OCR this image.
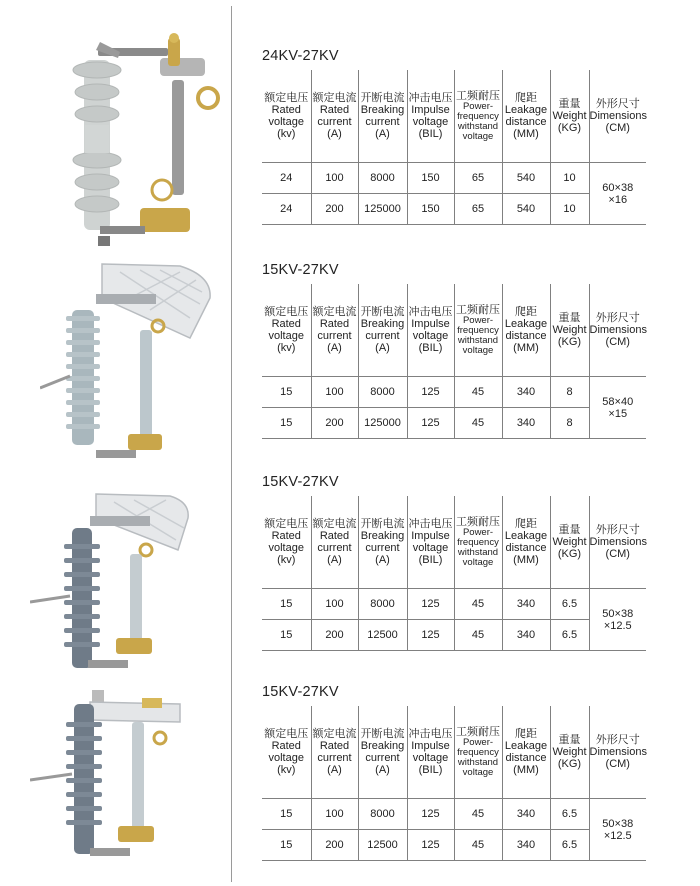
24KV-27KV
额定电压
Rated
voltage
(kv)	额定电流
Rated
current
(A)	开断电流
Breaking
current
(A)	冲击电压
Impulse
voltage
(BIL)	工频耐压
Power-
frequency
withstand
voltage	爬距
Leakage
distance
(MM)	重量
Weight
(KG)	外形尺寸
Dimensions
(CM)

24	100	8000	150	65	540	10	60×38
×16

24	200	125000	150	65	540	10	
15KV-27KV
额定电压
Rated
voltage
(kv)	额定电流
Rated
current
(A)	开断电流
Breaking
current
(A)	冲击电压
Impulse
voltage
(BIL)	工频耐压
Power-
frequency
withstand
voltage	爬距
Leakage
distance
(MM)	重量
Weight
(KG)	外形尺寸
Dimensions
(CM)

15	100	8000	125	45	340	8	58×40
×15

15	200	125000	125	45	340	8	
15KV-27KV
额定电压
Rated
voltage
(kv)	额定电流
Rated
current
(A)	开断电流
Breaking
current
(A)	冲击电压
Impulse
voltage
(BIL)	工频耐压
Power-
frequency
withstand
voltage	爬距
Leakage
distance
(MM)	重量
Weight
(KG)	外形尺寸
Dimensions
(CM)

15	100	8000	125	45	340	6.5	50×38
×12.5

15	200	12500	125	45	340	6.5	
15KV-27KV
额定电压
Rated
voltage
(kv)	额定电流
Rated
current
(A)	开断电流
Breaking
current
(A)	冲击电压
Impulse
voltage
(BIL)	工频耐压
Power-
frequency
withstand
voltage	爬距
Leakage
distance
(MM)	重量
Weight
(KG)	外形尺寸
Dimensions
(CM)

15	100	8000	125	45	340	6.5	50×38
×12.5

15	200	12500	125	45	340	6.5	
